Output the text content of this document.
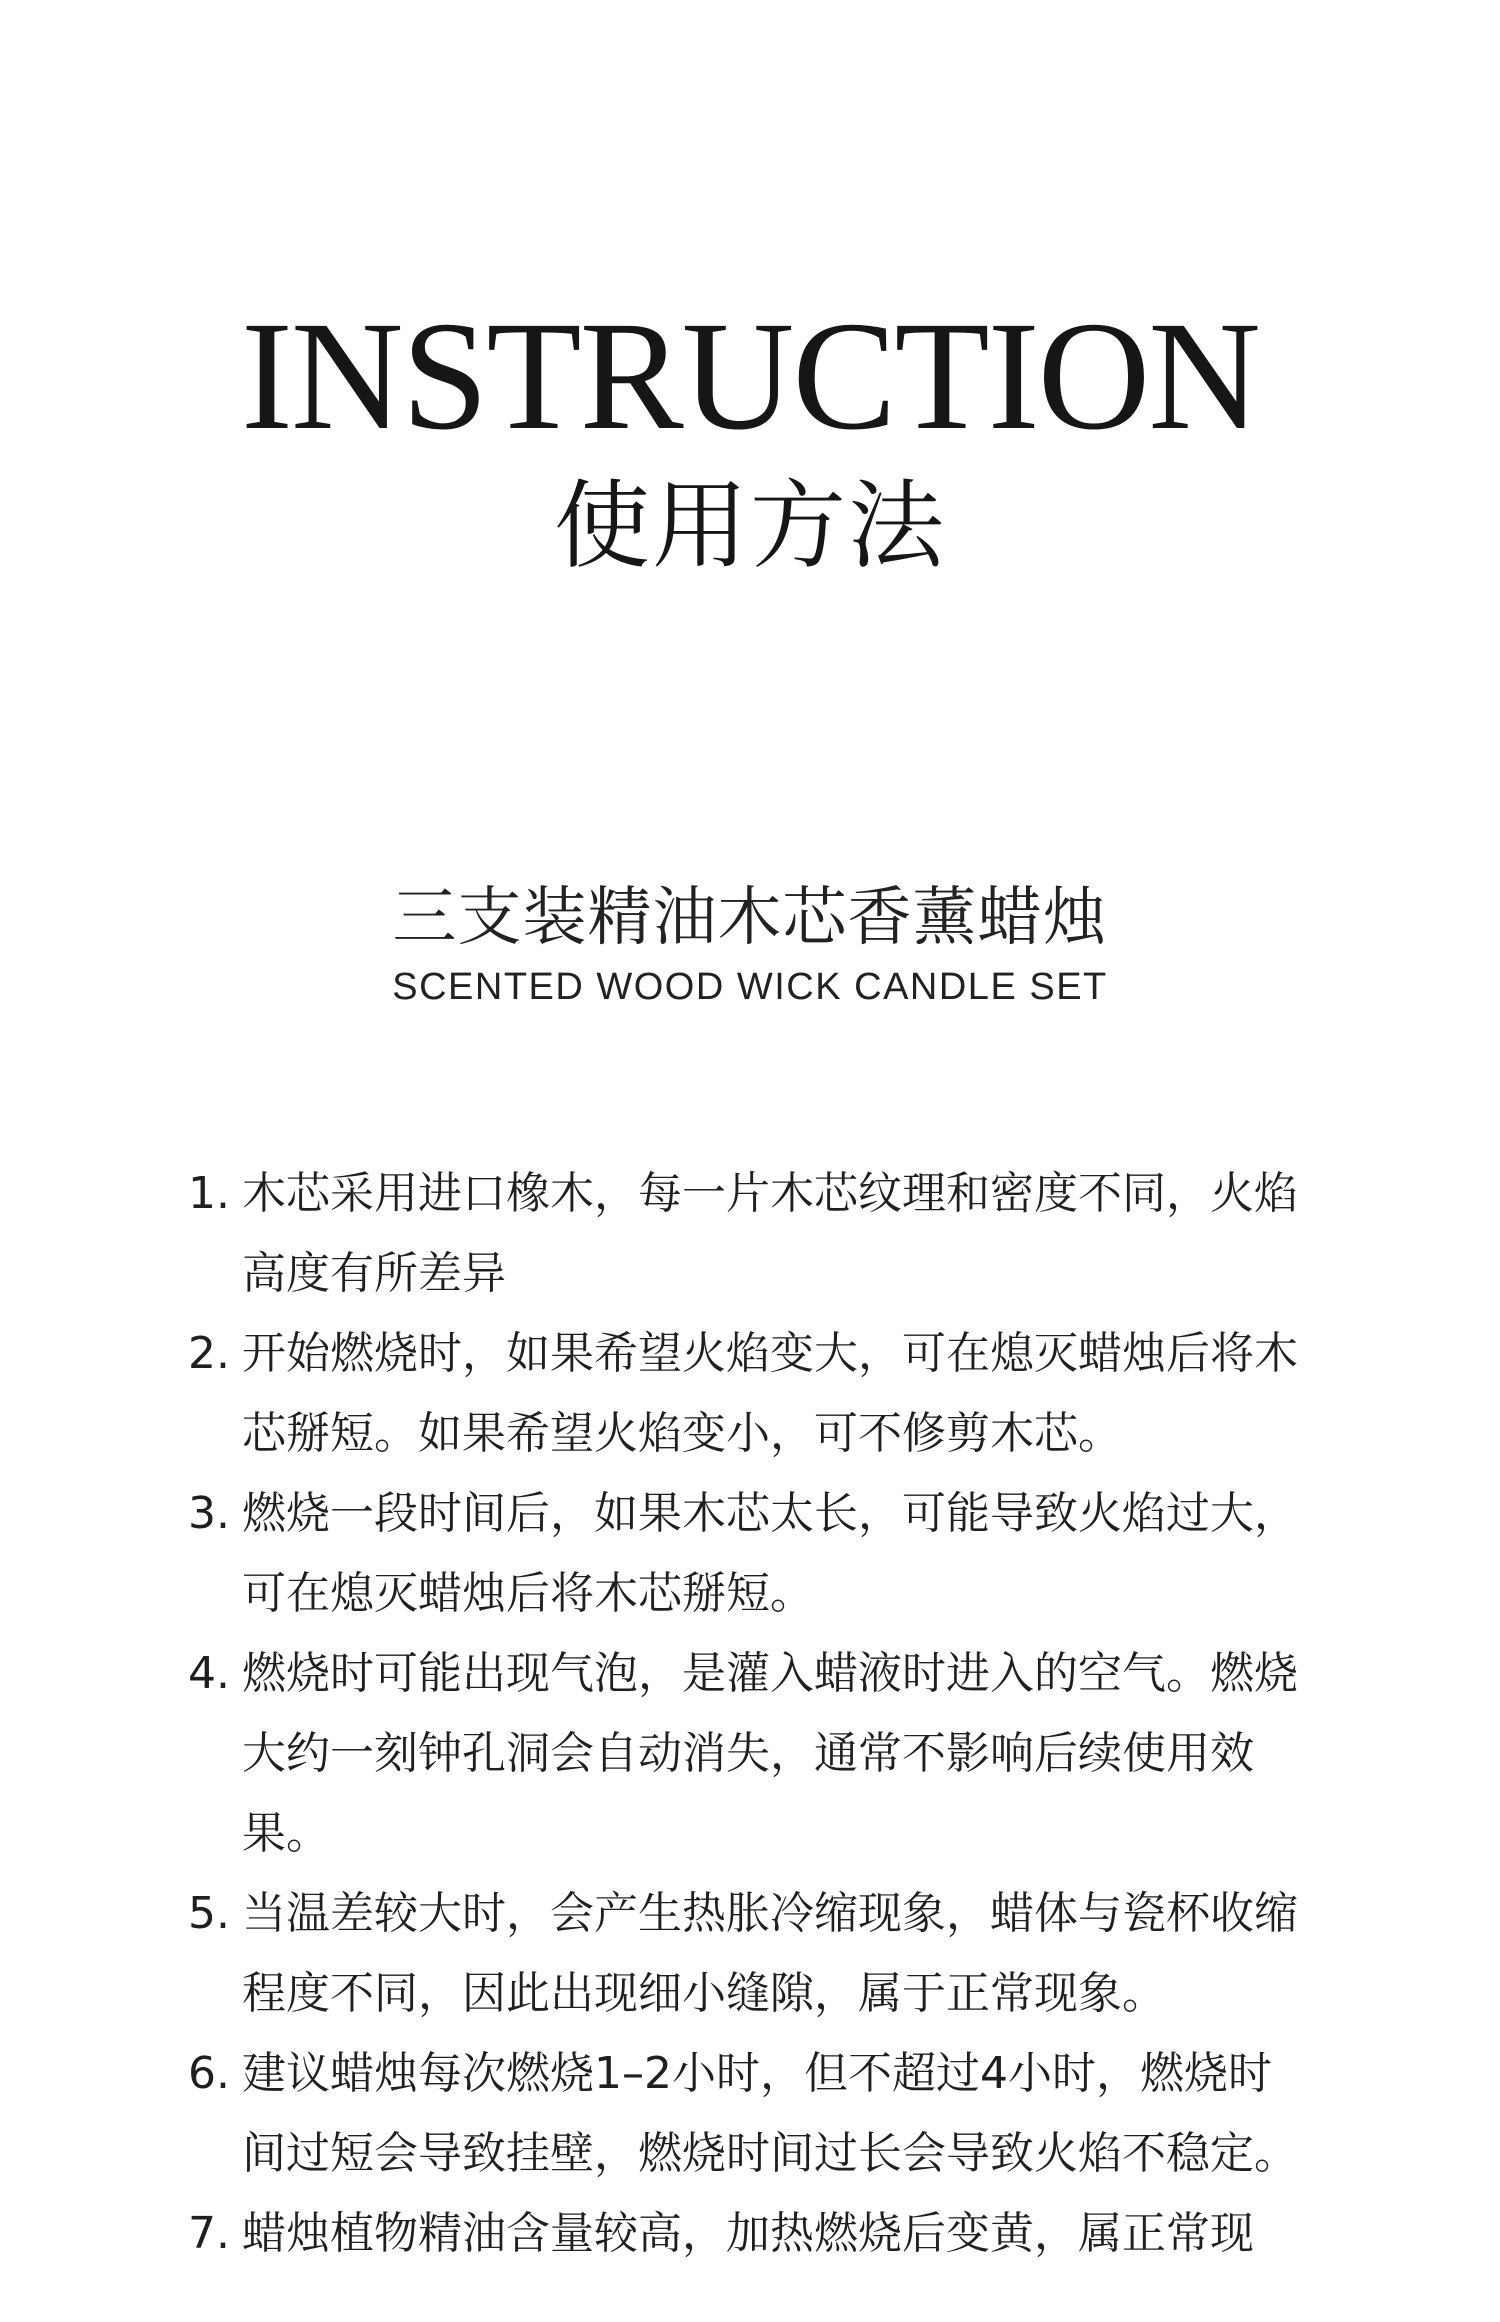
INSTRUCTION
使用方法
三支装精油木芯香薰蜡烛
SCENTED WOOD WICK CANDLE SET
1. 木芯采用进口橡木，每一片木芯纹理和密度不同，火焰高度有所差异
2. 开始燃烧时，如果希望火焰变大，可在熄灭蜡烛后将木芯掰短。如果希望火焰变小，可不修剪木芯。
3. 燃烧一段时间后，如果木芯太长，可能导致火焰过大，可在熄灭蜡烛后将木芯掰短。
4. 燃烧时可能出现气泡，是灌入蜡液时进入的空气。燃烧大约一刻钟孔洞会自动消失，通常不影响后续使用效果。
5. 当温差较大时，会产生热胀冷缩现象，蜡体与瓷杯收缩程度不同，因此出现细小缝隙，属于正常现象。
6. 建议蜡烛每次燃烧1–2小时，但不超过4小时，燃烧时间过短会导致挂壁，燃烧时间过长会导致火焰不稳定。
7. 蜡烛植物精油含量较高，加热燃烧后变黄，属正常现
